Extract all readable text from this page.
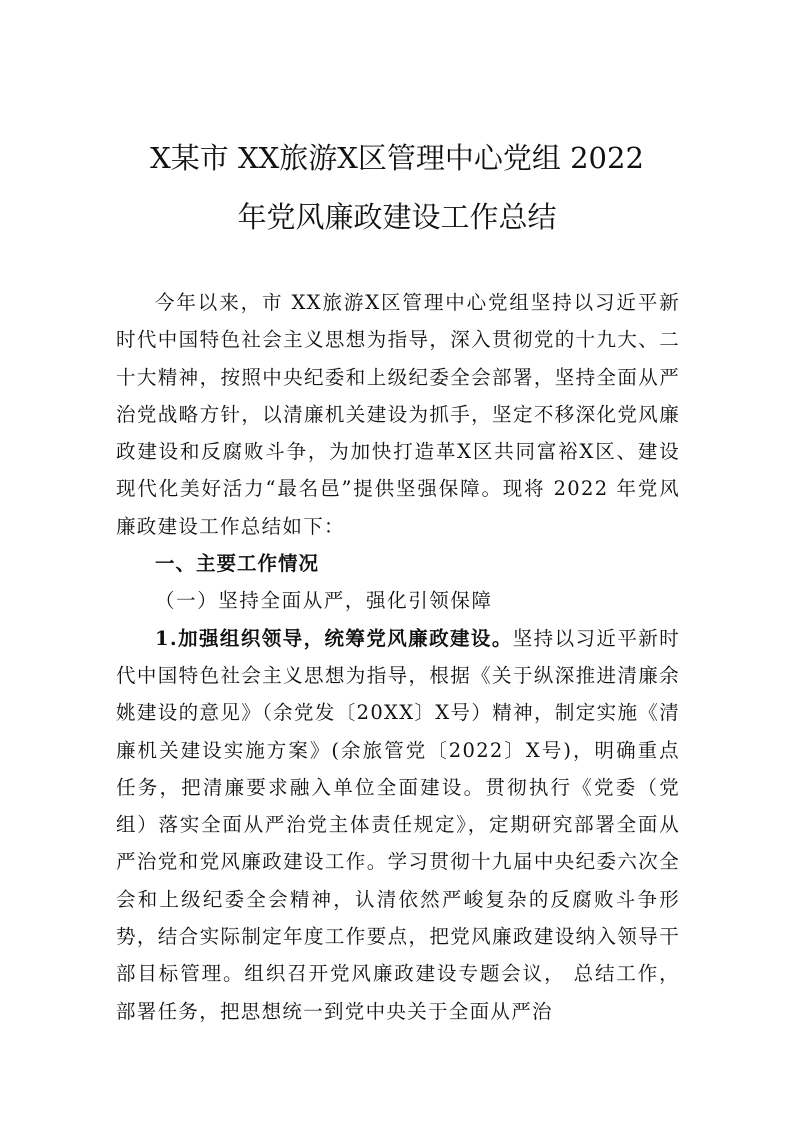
X某市 XX旅游X区管理中心党组 2022
年党风廉政建设工作总结

今年以来，市 XX旅游X区管理中心党组坚持以习近平新时代中国特色社会主义思想为指导，深入贯彻党的十九大、二十大精神，按照中央纪委和上级纪委全会部署，坚持全面从严治党战略方针，以清廉机关建设为抓手，坚定不移深化党风廉政建设和反腐败斗争，为加快打造革X区共同富裕X区、建设现代化美好活力“最名邑”提供坚强保障。现将 2022 年党风廉政建设工作总结如下：

一、主要工作情况

（一）坚持全面从严，强化引领保障

1.加强组织领导，统筹党风廉政建设。坚持以习近平新时代中国特色社会主义思想为指导，根据《关于纵深推进清廉余姚建设的意见》（余党发〔20XX〕X号）精神，制定实施《清廉机关建设实施方案》(余旅管党〔2022〕X号)，明确重点任务，把清廉要求融入单位全面建设。贯彻执行《党委（党组）落实全面从严治党主体责任规定》，定期研究部署全面从严治党和党风廉政建设工作。学习贯彻十九届中央纪委六次全会和上级纪委全会精神，认清依然严峻复杂的反腐败斗争形势，结合实际制定年度工作要点，把党风廉政建设纳入领导干部目标管理。组织召开党风廉政建设专题会议， 总结工作，部署任务，把思想统一到党中央关于全面从严治
